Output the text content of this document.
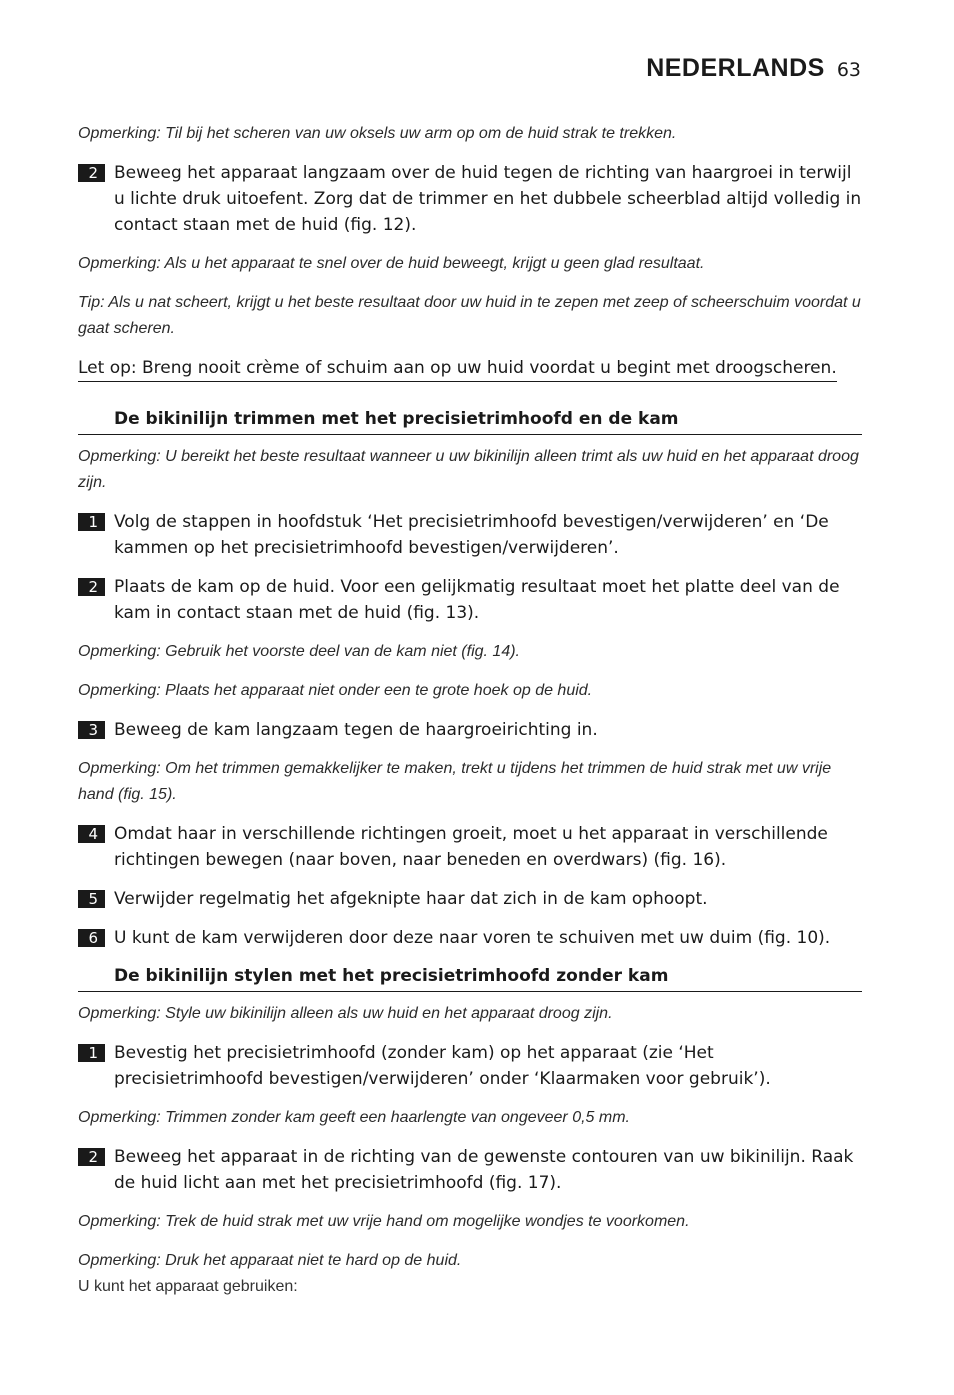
NEDERLANDS 63
Opmerking: Til bij het scheren van uw oksels uw arm op om de huid strak te trekken.
2 Beweeg het apparaat langzaam over de huid tegen de richting van haargroei in terwijl u lichte druk uitoefent. Zorg dat de trimmer en het dubbele scheerblad altijd volledig in contact staan met de huid (fig. 12).
Opmerking: Als u het apparaat te snel over de huid beweegt, krijgt u geen glad resultaat.
Tip: Als u nat scheert, krijgt u het beste resultaat door uw huid in te zepen met zeep of scheerschuim voordat u gaat scheren.
Let op: Breng nooit crème of schuim aan op uw huid voordat u begint met droogscheren.
De bikinilijn trimmen met het precisietrimhoofd en de kam
Opmerking: U bereikt het beste resultaat wanneer u uw bikinilijn alleen trimt als uw huid en het apparaat droog zijn.
1 Volg de stappen in hoofdstuk ‘Het precisietrimhoofd bevestigen/verwijderen’ en ‘De kammen op het precisietrimhoofd bevestigen/verwijderen’.
2 Plaats de kam op de huid. Voor een gelijkmatig resultaat moet het platte deel van de kam in contact staan met de huid (fig. 13).
Opmerking: Gebruik het voorste deel van de kam niet (fig. 14).
Opmerking: Plaats het apparaat niet onder een te grote hoek op de huid.
3 Beweeg de kam langzaam tegen de haargroeirichting in.
Opmerking: Om het trimmen gemakkelijker te maken, trekt u tijdens het trimmen de huid strak met uw vrije hand (fig. 15).
4 Omdat haar in verschillende richtingen groeit, moet u het apparaat in verschillende richtingen bewegen (naar boven, naar beneden en overdwars) (fig. 16).
5 Verwijder regelmatig het afgeknipte haar dat zich in de kam ophoopt.
6 U kunt de kam verwijderen door deze naar voren te schuiven met uw duim (fig. 10).
De bikinilijn stylen met het precisietrimhoofd zonder kam
Opmerking: Style uw bikinilijn alleen als uw huid en het apparaat droog zijn.
1 Bevestig het precisietrimhoofd (zonder kam) op het apparaat (zie ‘Het precisietrimhoofd bevestigen/verwijderen’ onder ‘Klaarmaken voor gebruik’).
Opmerking: Trimmen zonder kam geeft een haarlengte van ongeveer 0,5 mm.
2 Beweeg het apparaat in de richting van de gewenste contouren van uw bikinilijn. Raak de huid licht aan met het precisietrimhoofd (fig. 17).
Opmerking: Trek de huid strak met uw vrije hand om mogelijke wondjes te voorkomen.
Opmerking: Druk het apparaat niet te hard op de huid.
U kunt het apparaat gebruiken:
